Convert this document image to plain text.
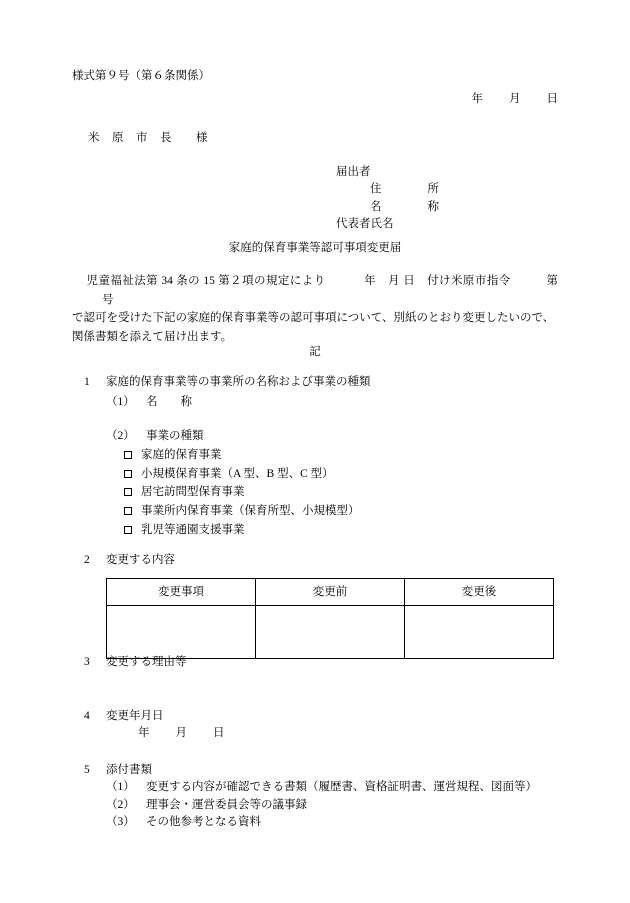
様式第９号（第６条関係）
年 月 日
米　原　市　長　　様
届出者
住　　　　所
名　　　　称
代表者氏名
家庭的保育事業等認可事項変更届
児童福祉法第 34 条の 15 第２項の規定により	年　月 日　付け米原市指令　　　第号
で認可を受けた下記の家庭的保育事業等の認可事項について、別紙のとおり変更したいので、
関係書類を添えて届け出ます。
記
1 家庭的保育事業等の事業所の名称および事業の種類
（1） 名　　称
（2） 事業の種類
家庭的保育事業
小規模保育事業（A 型、B 型、C 型）
居宅訪問型保育事業
事業所内保育事業（保育所型、小規模型）
乳児等通園支援事業
2 変更する内容
変更事項	変更前	変更後

3 変更する理由等
4 変更年月日
年 月 日
5 添付書類
（1） 変更する内容が確認できる書類（履歴書、資格証明書、運営規程、図面等）
（2） 理事会・運営委員会等の議事録
（3） その他参考となる資料
